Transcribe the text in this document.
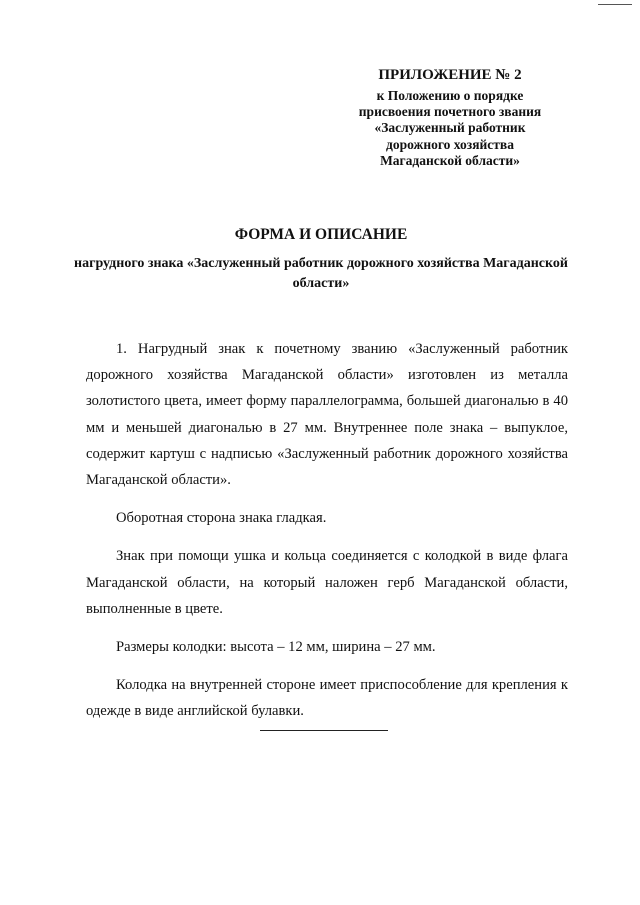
ПРИЛОЖЕНИЕ № 2

к Положению о порядке

присвоения почетного звания

«Заслуженный работник

дорожного хозяйства

Магаданской области»

ФОРМА И ОПИСАНИЕ

нагрудного знака «Заслуженный работник дорожного хозяйства Магаданской области»

1. Нагрудный знак к почетному званию «Заслуженный работник дорожного хозяйства Магаданской области» изготовлен из металла золотистого цвета, имеет форму параллелограмма, большей диагональю в 40 мм и меньшей диагональю в 27 мм. Внутреннее поле знака – выпуклое, содержит картуш с надписью «Заслуженный работник дорожного хозяйства Магаданской области».

Оборотная сторона знака гладкая.

Знак при помощи ушка и кольца соединяется с колодкой в виде флага Магаданской области, на который наложен герб Магаданской области, выполненные в цвете.

Размеры колодки: высота – 12 мм, ширина – 27 мм.

Колодка на внутренней стороне имеет приспособление для крепления к одежде в виде английской булавки.
